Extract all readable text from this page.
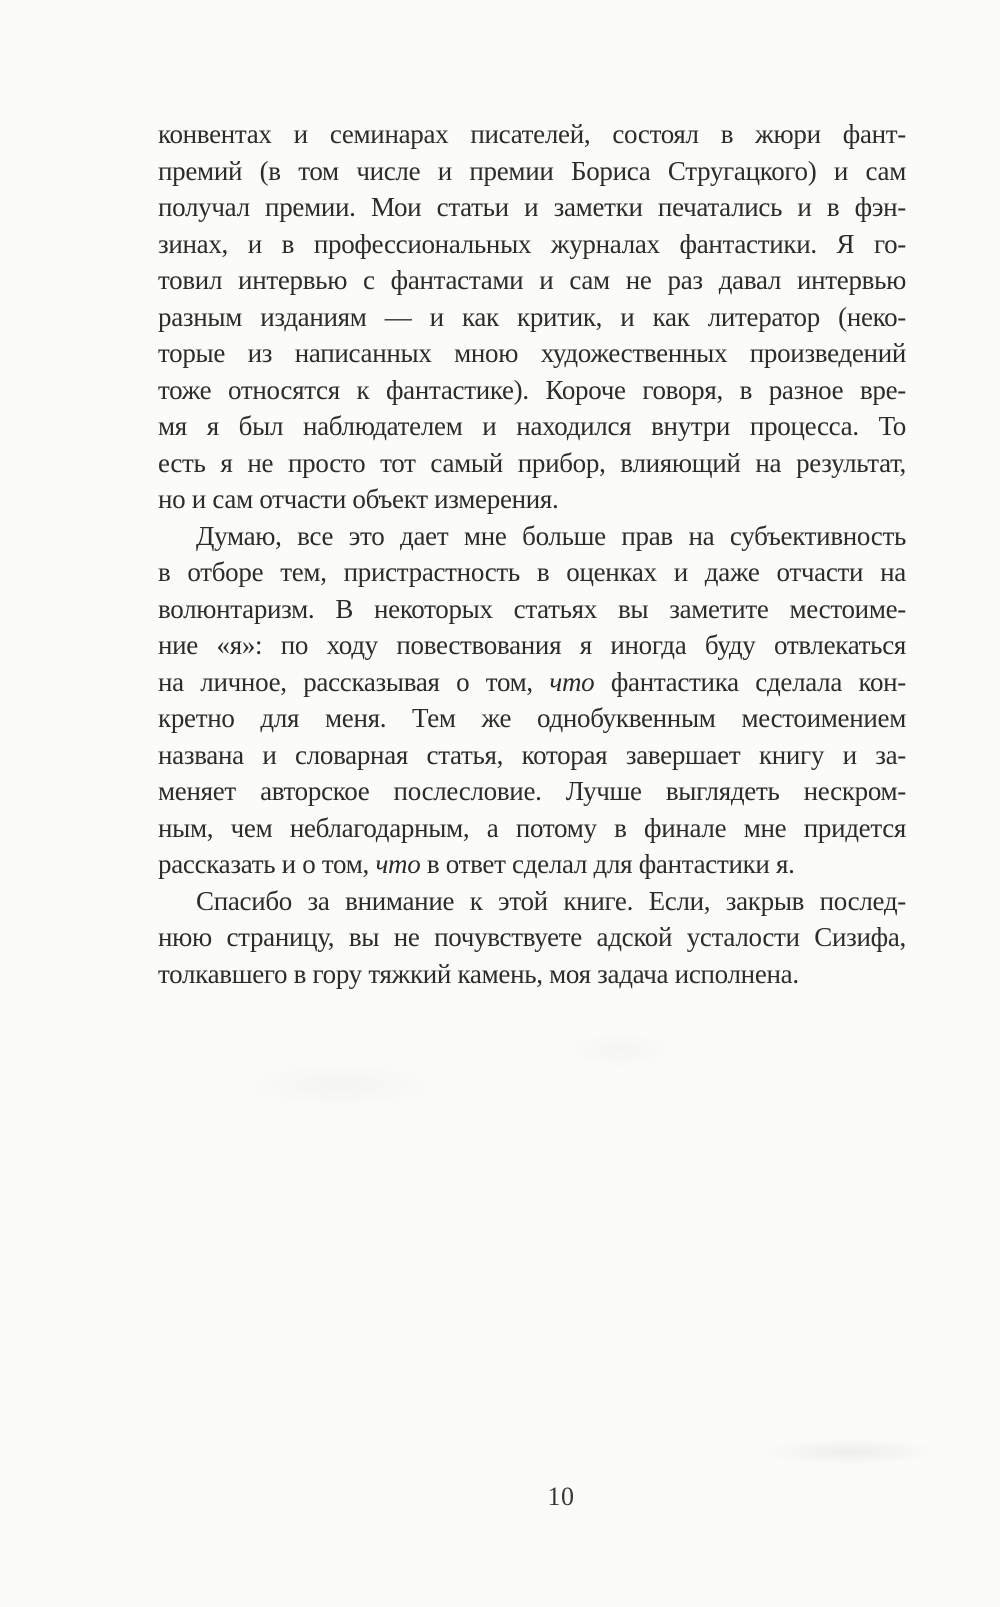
конвентах и семинарах писателей, состоял в жюри фант-
премий (в том числе и премии Бориса Стругацкого) и сам
получал премии. Мои статьи и заметки печатались и в фэн-
зинах, и в профессиональных журналах фантастики. Я го-
товил интервью с фантастами и сам не раз давал интервью
разным изданиям — и как критик, и как литератор (неко-
торые из написанных мною художественных произведений
тоже относятся к фантастике). Короче говоря, в разное вре-
мя я был наблюдателем и находился внутри процесса. То
есть я не просто тот самый прибор, влияющий на результат,
но и сам отчасти объект измерения.
Думаю, все это дает мне больше прав на субъективность
в отборе тем, пристрастность в оценках и даже отчасти на
волюнтаризм. В некоторых статьях вы заметите местоиме-
ние «я»: по ходу повествования я иногда буду отвлекаться
на личное, рассказывая о том, что фантастика сделала кон-
кретно для меня. Тем же однобуквенным местоимением
названа и словарная статья, которая завершает книгу и за-
меняет авторское послесловие. Лучше выглядеть нескром-
ным, чем неблагодарным, а потому в финале мне придется
рассказать и о том, что в ответ сделал для фантастики я.
Спасибо за внимание к этой книге. Если, закрыв послед-
нюю страницу, вы не почувствуете адской усталости Сизифа,
толкавшего в гору тяжкий камень, моя задача исполнена.
10
